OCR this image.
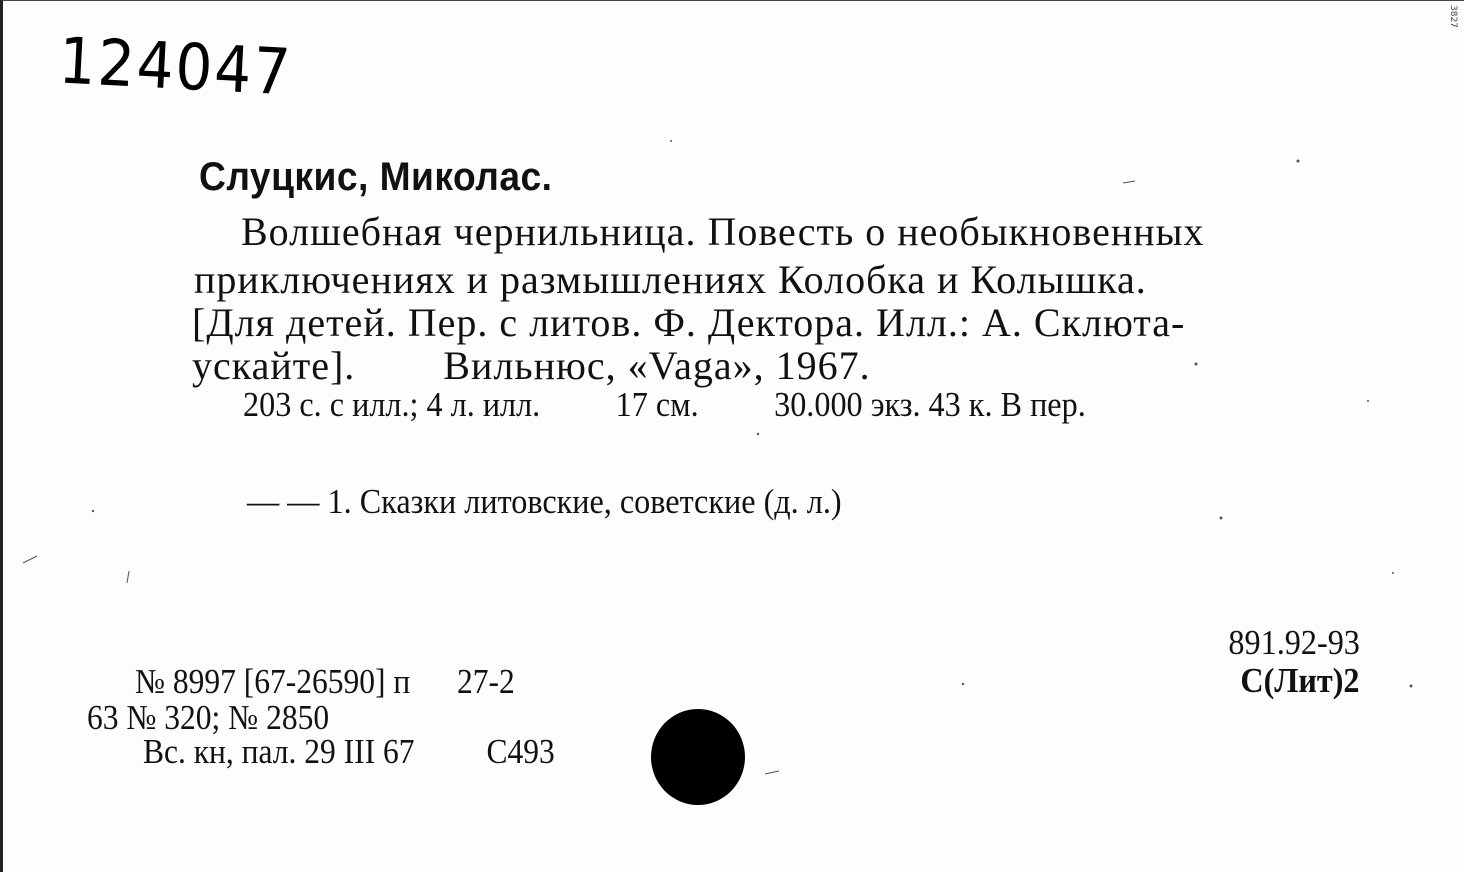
3827
124047
Слуцкис, Миколас.
Волшебная чернильница. Повесть о необыкновенных
приключениях и размышлениях Колобка и Колышка.
[Для детей. Пер. с литов. Ф. Дектора. Илл.: А. Склюта-
ускайте]. Вильнюс, «Vaga», 1967.
203 с. с илл.; 4 л. илл. 17 см. 30.000 экз. 43 к. В пер.
— — 1. Сказки литовские, советские (д. л.)
891.92-93
С(Лит)2
№ 8997 [67-26590] п 27-2
63 № 320; № 2850
Вс. кн, пал. 29 III 67 С493
